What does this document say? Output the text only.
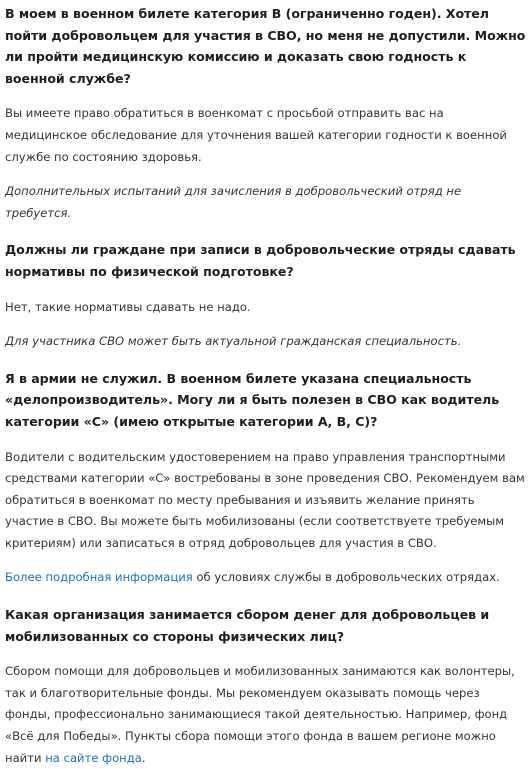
В моем в военном билете категория В (ограниченно годен). Хотел пойти добровольцем для участия в СВО, но меня не допустили. Можно ли пройти медицинскую комиссию и доказать свою годность к военной службе?

Вы имеете право обратиться в военкомат с просьбой отправить вас на медицинское обследование для уточнения вашей категории годности к военной службе по состоянию здоровья.

Дополнительных испытаний для зачисления в добровольческий отряд не требуется.

Должны ли граждане при записи в добровольческие отряды сдавать нормативы по физической подготовке?

Нет, такие нормативы сдавать не надо.

Для участника СВО может быть актуальной гражданская специальность.

Я в армии не служил. В военном билете указана специальность «делопроизводитель». Могу ли я быть полезен в СВО как водитель категории «С» (имею открытые категории А, В, С)?

Водители с водительским удостоверением на право управления транспортными средствами категории «С» востребованы в зоне проведения СВО. Рекомендуем вам обратиться в военкомат по месту пребывания и изъявить желание принять участие в СВО. Вы можете быть мобилизованы (если соответствуете требуемым критериям) или записаться в отряд добровольцев для участия в СВО.

Более подробная информация об условиях службы в добровольческих отрядах.

Какая организация занимается сбором денег для добровольцев и мобилизованных со стороны физических лиц?

Сбором помощи для добровольцев и мобилизованных занимаются как волонтеры, так и благотворительные фонды. Мы рекомендуем оказывать помощь через фонды, профессионально занимающиеся такой деятельностью. Например, фонд «Всё для Победы». Пункты сбора помощи этого фонда в вашем регионе можно найти на сайте фонда.
